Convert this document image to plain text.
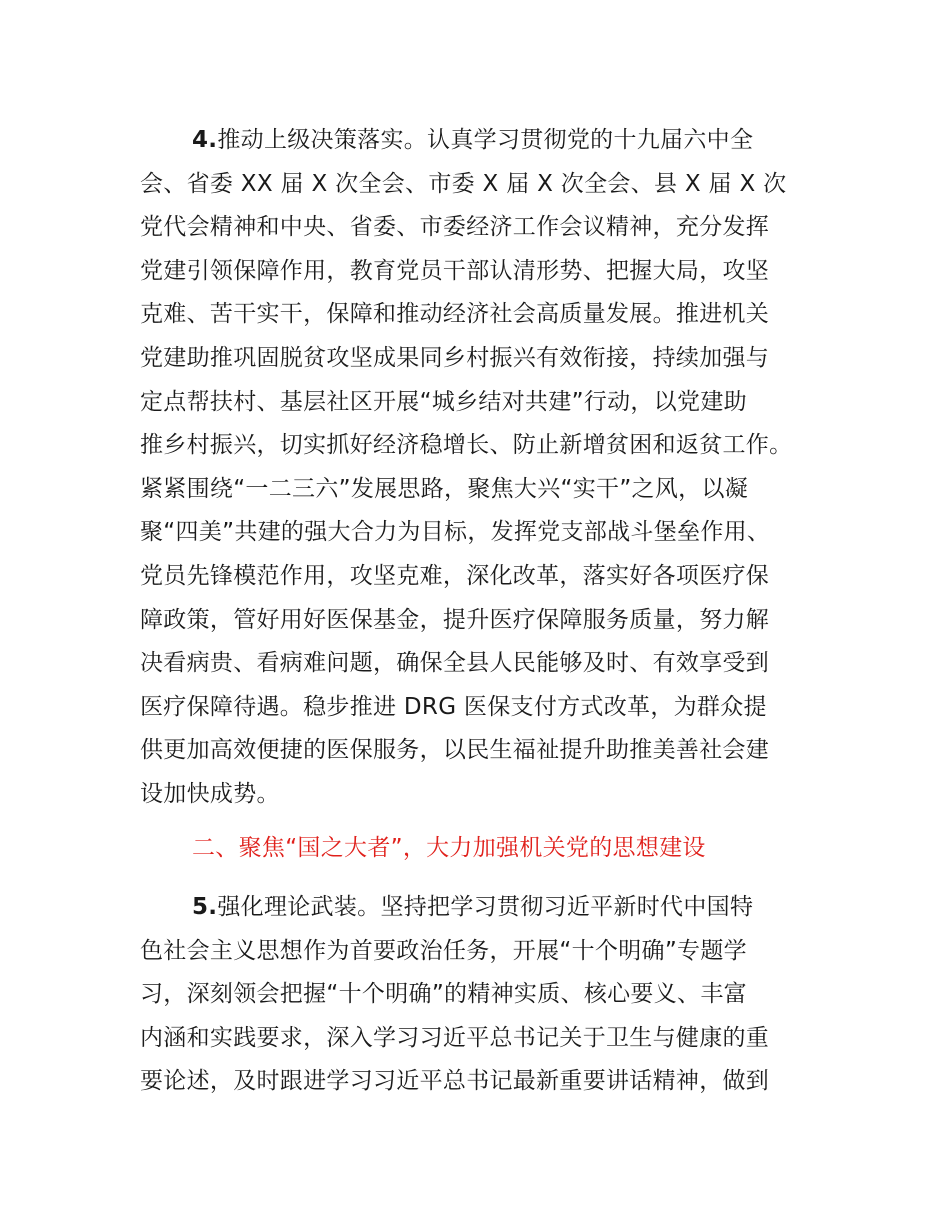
4.推动上级决策落实。认真学习贯彻党的十九届六中全
会、省委 XX 届 X 次全会、市委 X 届 X 次全会、县 X 届 X 次
党代会精神和中央、省委、市委经济工作会议精神，充分发挥
党建引领保障作用，教育党员干部认清形势、把握大局，攻坚
克难、苦干实干，保障和推动经济社会高质量发展。推进机关
党建助推巩固脱贫攻坚成果同乡村振兴有效衔接，持续加强与
定点帮扶村、基层社区开展“城乡结对共建”行动，以党建助
推乡村振兴，切实抓好经济稳增长、防止新增贫困和返贫工作。
紧紧围绕“一二三六”发展思路，聚焦大兴“实干”之风，以凝
聚“四美”共建的强大合力为目标，发挥党支部战斗堡垒作用、
党员先锋模范作用，攻坚克难，深化改革，落实好各项医疗保
障政策，管好用好医保基金，提升医疗保障服务质量，努力解
决看病贵、看病难问题，确保全县人民能够及时、有效享受到
医疗保障待遇。稳步推进 DRG 医保支付方式改革，为群众提
供更加高效便捷的医保服务，以民生福祉提升助推美善社会建
设加快成势。
二、聚焦“国之大者”，大力加强机关党的思想建设
5.强化理论武装。坚持把学习贯彻习近平新时代中国特
色社会主义思想作为首要政治任务，开展“十个明确”专题学
习，深刻领会把握“十个明确”的精神实质、核心要义、丰富
内涵和实践要求，深入学习习近平总书记关于卫生与健康的重
要论述，及时跟进学习习近平总书记最新重要讲话精神，做到
